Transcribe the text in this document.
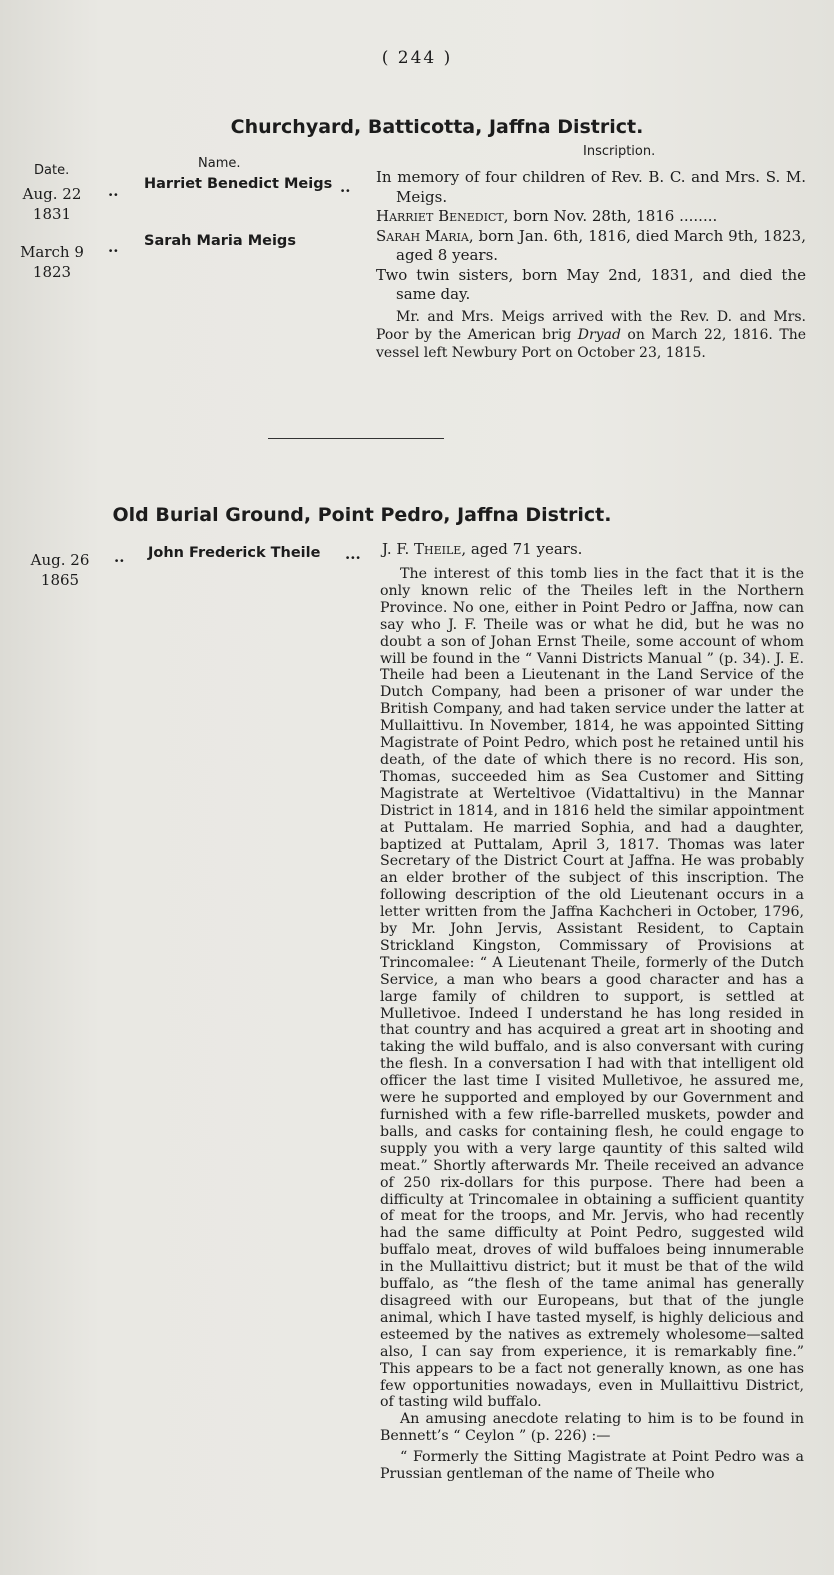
( 244 )
Churchyard, Batticotta, Jaffna District.
Date.	Name.
Inscription.
Aug. 22
1831
.. Harriet Benedict Meigs ..
March 9
1823
.. Sarah Maria Meigs

In memory of four children of Rev. B. C. and Mrs. S. M. Meigs.

Harriet Benedict, born Nov. 28th, 1816 ........

Sarah Maria, born Jan. 6th, 1816, died March 9th, 1823, aged 8 years.

Two twin sisters, born May 2nd, 1831, and died the same day.

Mr. and Mrs. Meigs arrived with the Rev. D. and Mrs. Poor by the American brig Dryad on March 22, 1816. The vessel left Newbury Port on October 23, 1815.

Old Burial Ground, Point Pedro, Jaffna District.
Aug. 26
1865
.. John Frederick Theile ... J. F. Theile, aged 71 years.

The interest of this tomb lies in the fact that it is the only known relic of the Theiles left in the Northern Province. No one, either in Point Pedro or Jaffna, now can say who J. F. Theile was or what he did, but he was no doubt a son of Johan Ernst Theile, some account of whom will be found in the “ Vanni Districts Manual ” (p. 34). J. E. Theile had been a Lieutenant in the Land Service of the Dutch Company, had been a prisoner of war under the British Company, and had taken service under the latter at Mullaittivu. In November, 1814, he was appointed Sitting Magistrate of Point Pedro, which post he retained until his death, of the date of which there is no record. His son, Thomas, succeeded him as Sea Customer and Sitting Magistrate at Werteltivoe (Vidattaltivu) in the Mannar District in 1814, and in 1816 held the similar appointment at Puttalam. He married Sophia, and had a daughter, baptized at Puttalam, April 3, 1817. Thomas was later Secretary of the District Court at Jaffna. He was probably an elder brother of the subject of this inscription. The following description of the old Lieutenant occurs in a letter written from the Jaffna Kachcheri in October, 1796, by Mr. John Jervis, Assistant Resident, to Captain Strickland Kingston, Commissary of Provisions at Trincomalee: “ A Lieutenant Theile, formerly of the Dutch Service, a man who bears a good character and has a large family of children to support, is settled at Mulletivoe. Indeed I understand he has long resided in that country and has acquired a great art in shooting and taking the wild buffalo, and is also conversant with curing the flesh. In a conversation I had with that intelligent old officer the last time I visited Mulletivoe, he assured me, were he supported and employed by our Government and furnished with a few rifle-barrelled muskets, powder and balls, and casks for containing flesh, he could engage to supply you with a very large qauntity of this salted wild meat.” Shortly afterwards Mr. Theile received an advance of 250 rix-dollars for this purpose. There had been a difficulty at Trincomalee in obtaining a sufficient quantity of meat for the troops, and Mr. Jervis, who had recently had the same difficulty at Point Pedro, suggested wild buffalo meat, droves of wild buffaloes being innumerable in the Mullaittivu district; but it must be that of the wild buffalo, as “the flesh of the tame animal has generally disagreed with our Europeans, but that of the jungle animal, which I have tasted myself, is highly delicious and esteemed by the natives as extremely wholesome—salted also, I can say from experience, it is remarkably fine.” This appears to be a fact not generally known, as one has few opportunities nowadays, even in Mullaittivu District, of tasting wild buffalo.

An amusing anecdote relating to him is to be found in Bennett’s “ Ceylon ” (p. 226) :—

“ Formerly the Sitting Magistrate at Point Pedro was a Prussian gentleman of the name of Theile who
